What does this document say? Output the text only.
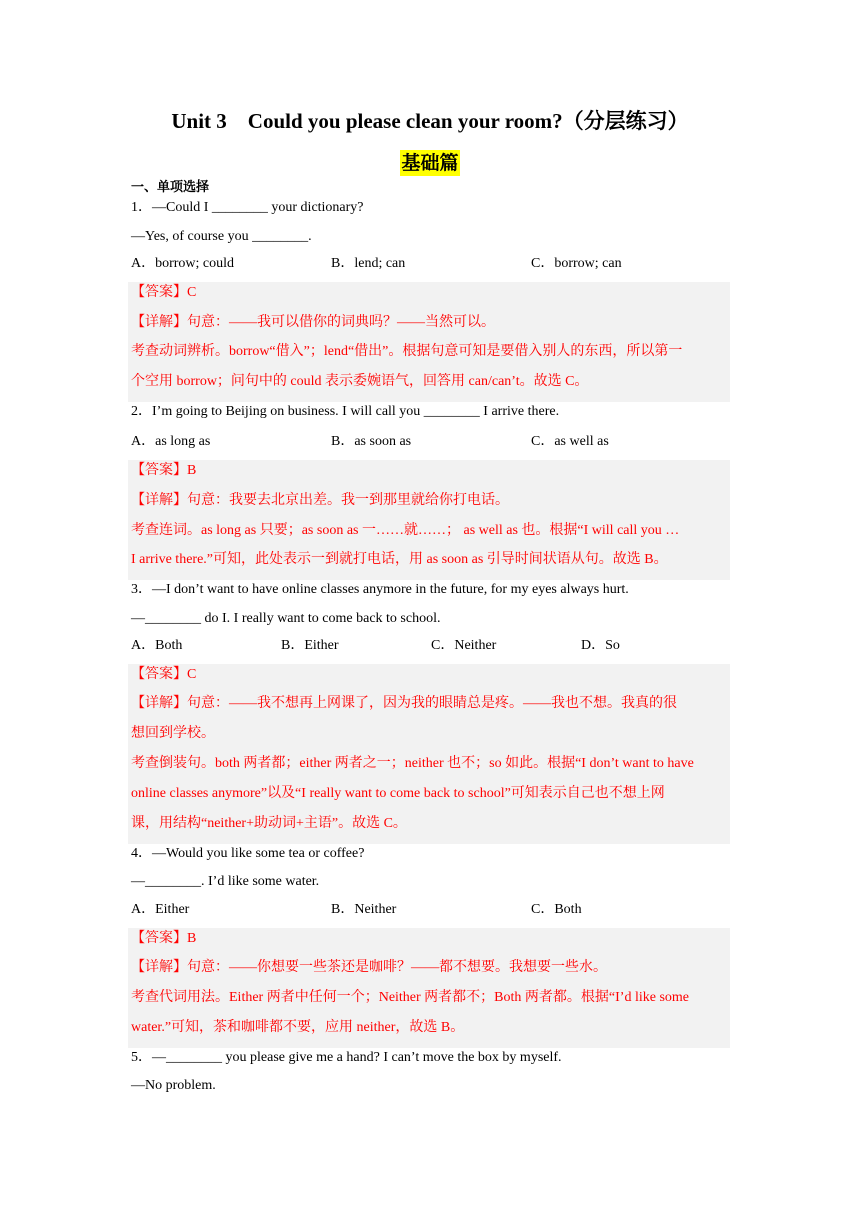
Unit 3    Could you please clean your room?（分层练习）
基础篇
一、单项选择
1．—Could I ________ your dictionary?
—Yes, of course you ________.
A．borrow; could	B．lend; can	C．borrow; can
【答案】C
【详解】句意：——我可以借你的词典吗？——当然可以。
考查动词辨析。borrow“借入”；lend“借出”。根据句意可知是要借入别人的东西，所以第一
个空用 borrow；问句中的 could 表示委婉语气，回答用 can/can’t。故选 C。
2．I’m going to Beijing on business. I will call you ________ I arrive there.
A．as long as	B．as soon as	C．as well as
【答案】B
【详解】句意：我要去北京出差。我一到那里就给你打电话。
考查连词。as long as 只要；as soon as 一……就……； as well as 也。根据“I will call you …
I arrive there.”可知，此处表示一到就打电话，用 as soon as 引导时间状语从句。故选 B。
3．—I don’t want to have online classes anymore in the future, for my eyes always hurt.
—________ do I. I really want to come back to school.
A．Both	B．Either	C．Neither	D．So
【答案】C
【详解】句意：——我不想再上网课了，因为我的眼睛总是疼。——我也不想。我真的很
想回到学校。
考查倒装句。both 两者都；either 两者之一；neither 也不；so 如此。根据“I don’t want to have
online classes anymore”以及“I really want to come back to school”可知表示自己也不想上网
课，用结构“neither+助动词+主语”。故选 C。
4．—Would you like some tea or coffee?
—________. I’d like some water.
A．Either	B．Neither	C．Both
【答案】B
【详解】句意：——你想要一些茶还是咖啡？——都不想要。我想要一些水。
考查代词用法。Either 两者中任何一个；Neither 两者都不；Both 两者都。根据“I’d like some
water.”可知，茶和咖啡都不要，应用 neither，故选 B。
5．—________ you please give me a hand? I can’t move the box by myself.
—No problem.
